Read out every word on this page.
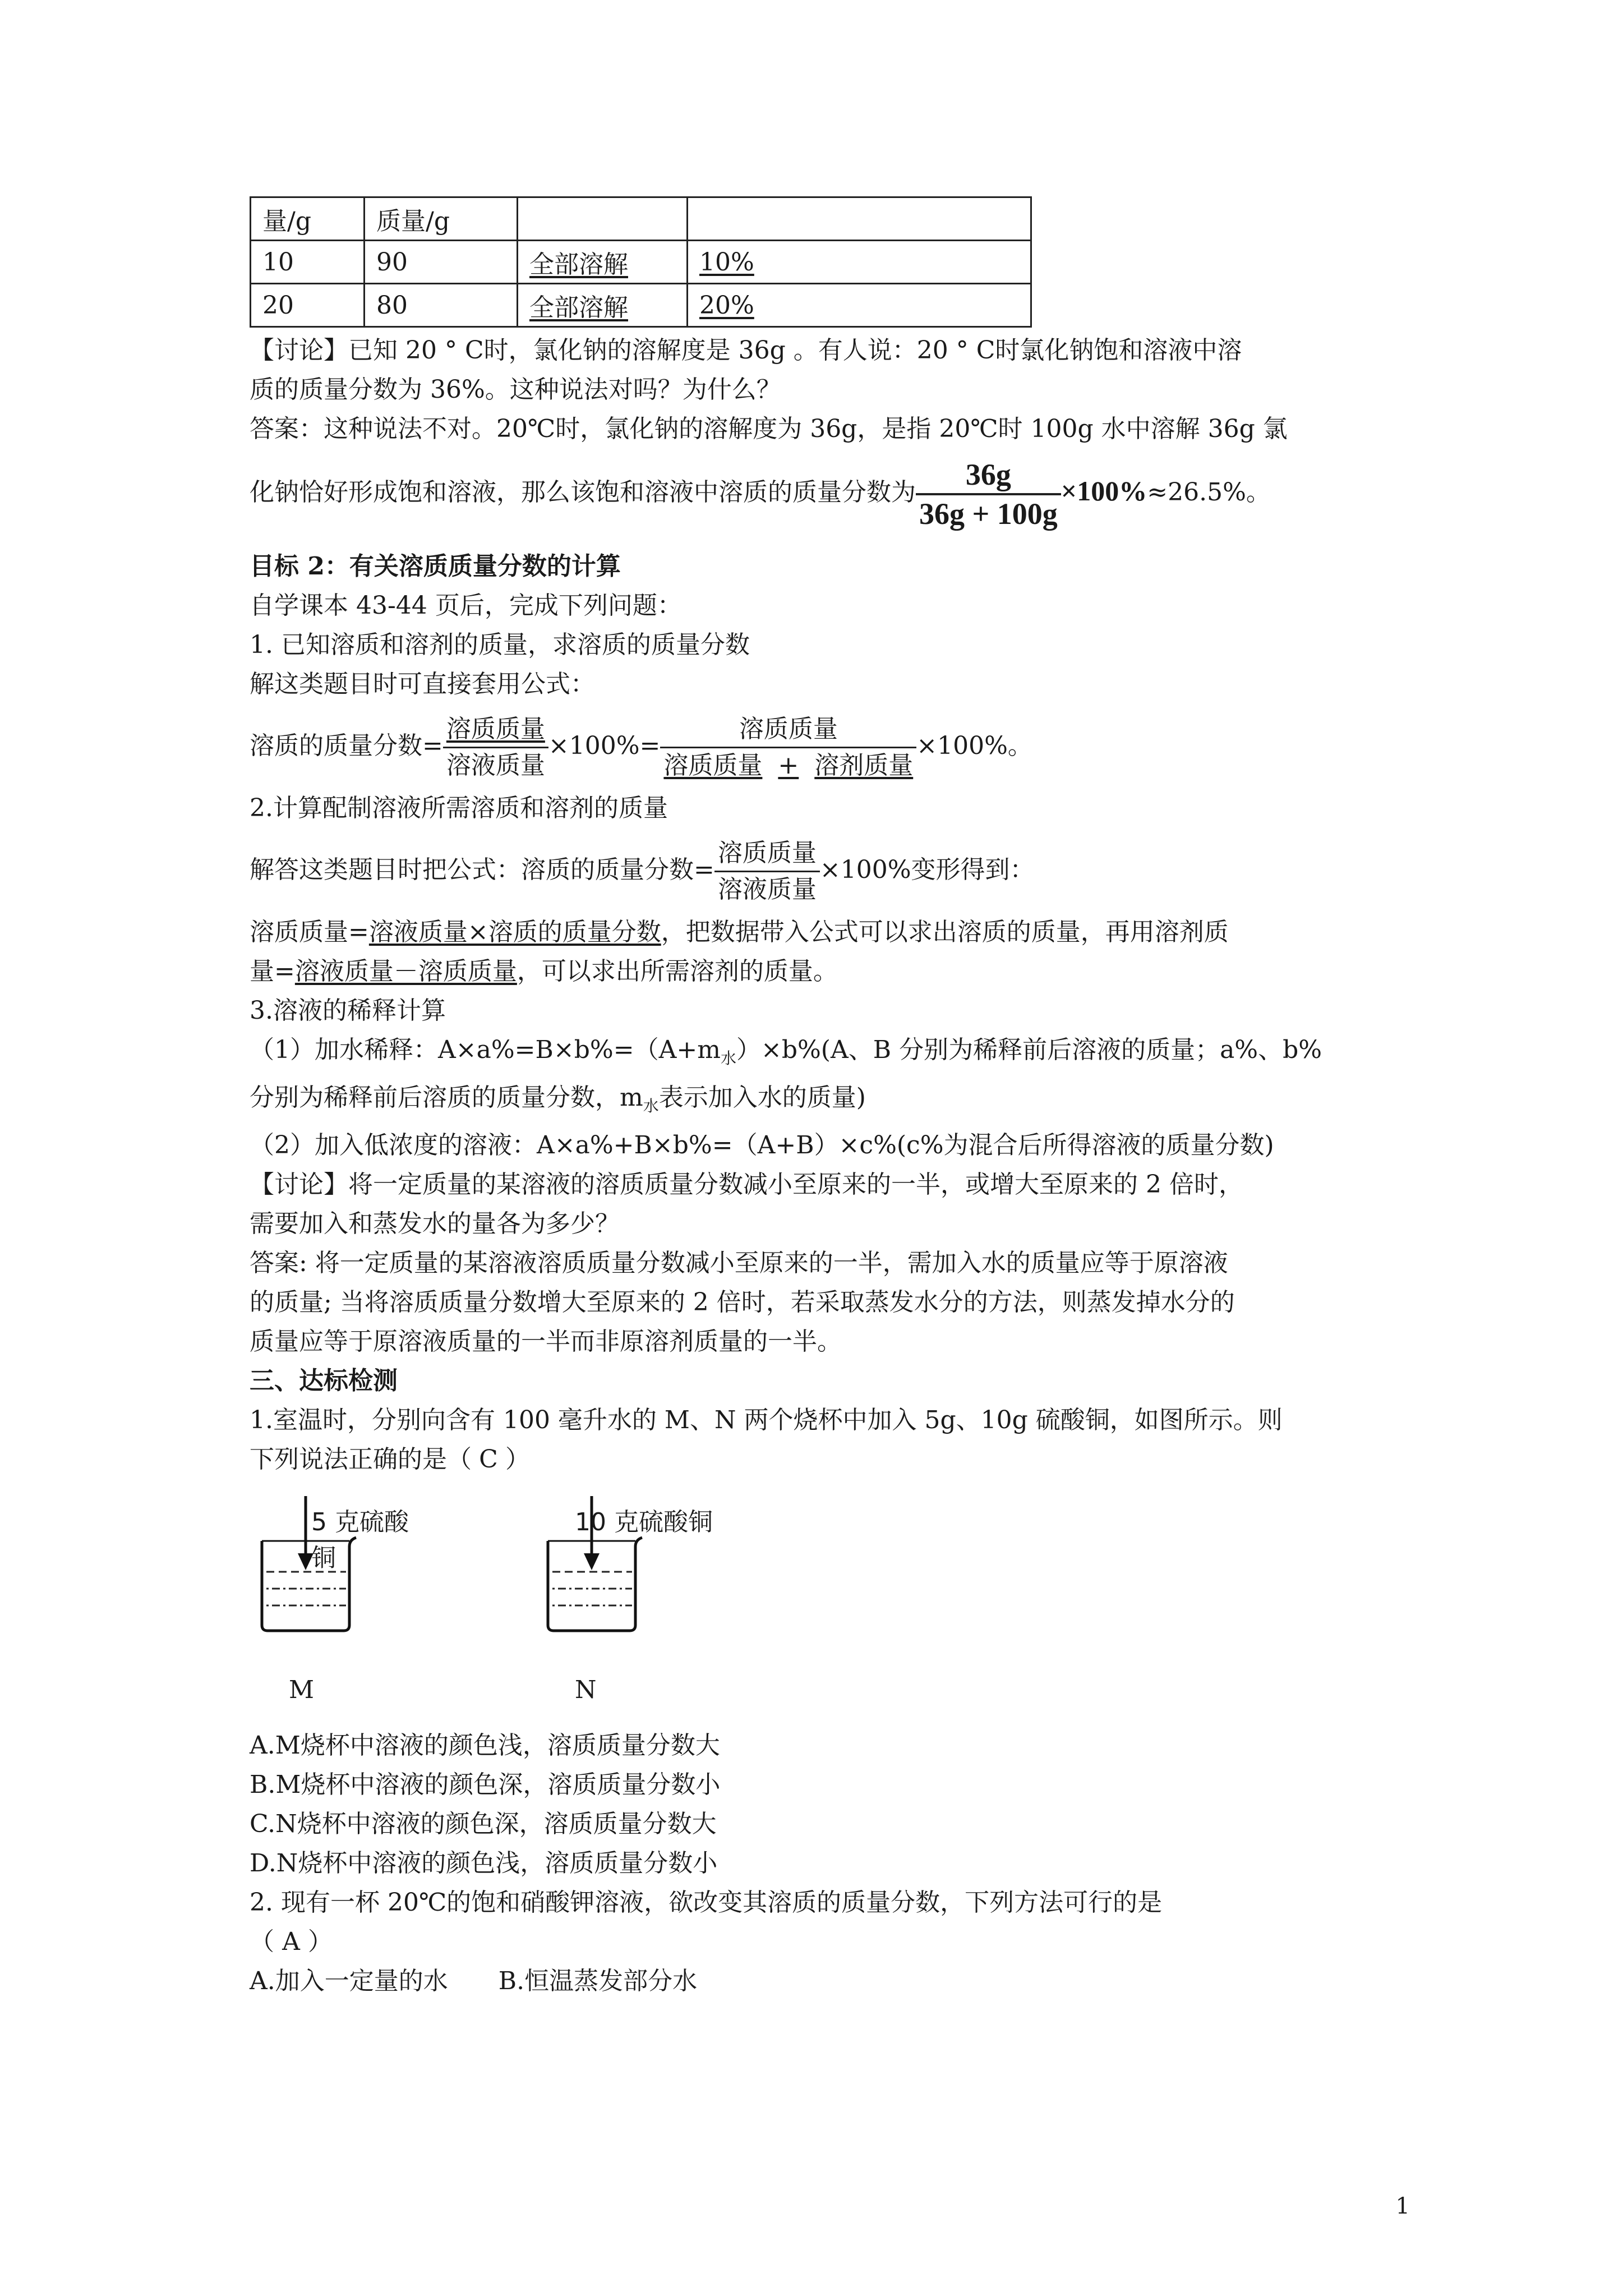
量/g	质量/g		
10	90	全部溶解	10%
20	80	全部溶解	20%

【讨论】已知 20 ° C时，氯化钠的溶解度是 36g 。有人说：20 ° C时氯化钠饱和溶液中溶

质的质量分数为 36%。这种说法对吗？为什么？

答案：这种说法不对。20℃时，氯化钠的溶解度为 36g，是指 20℃时 100g 水中溶解 36g 氯

化钠恰好形成饱和溶液，那么该饱和溶液中溶质的质量分数为 $\frac{36g}{36g + 100g} \times 100\%\approx 26.5\%$。

目标 2：有关溶质质量分数的计算

自学课本 43-44 页后，完成下列问题：

1. 已知溶质和溶剂的质量，求溶质的质量分数

解这类题目时可直接套用公式：

溶质的质量分数= $\frac{\text{溶质质量}}{\text{溶液质量}} \times 100\%= \frac{\text{溶质质量}}{\text{溶质质量 + 溶剂质量}} \times 100\%$。

2.计算配制溶液所需溶质和溶剂的质量

解答这类题目时把公式：溶质的质量分数= $\frac{\text{溶质质量}}{\text{溶液质量}} \times 100\%$变形得到：

溶质质量=溶液质量×溶质的质量分数，把数据带入公式可以求出溶质的质量，再用溶剂质

量=溶液质量－溶质质量，可以求出所需溶剂的质量。

3.溶液的稀释计算

（1）加水稀释：$A\times a\%=B\times b\%=(A+m_水)\times b\%(A$、B 分别为稀释前后溶液的质量；a%、b%

分别为稀释前后溶质的质量分数，$m_水$表示加入水的质量)

（2）加入低浓度的溶液：A×a%+B×b%=（A+B）×c%(c%为混合后所得溶液的质量分数)

【讨论】将一定质量的某溶液的溶质质量分数减小至原来的一半，或增大至原来的 2 倍时，

需要加入和蒸发水的量各为多少？

答案: 将一定质量的某溶液溶质质量分数减小至原来的一半，需加入水的质量应等于原溶液

的质量; 当将溶质质量分数增大至原来的 2 倍时，若采取蒸发水分的方法，则蒸发掉水分的

质量应等于原溶液质量的一半而非原溶剂质量的一半。

三、达标检测

1.室温时，分别向含有 100 毫升水的 M、N 两个烧杯中加入 5g、10g 硫酸铜，如图所示。则

下列说法正确的是（ C ）

5 克硫酸铜
M
10 克硫酸铜
N

A.M烧杯中溶液的颜色浅，溶质质量分数大

B.M烧杯中溶液的颜色深，溶质质量分数小

C.N烧杯中溶液的颜色深，溶质质量分数大

D.N烧杯中溶液的颜色浅，溶质质量分数小

2. 现有一杯 20℃的饱和硝酸钾溶液，欲改变其溶质的质量分数，下列方法可行的是

（ A ）

A.加入一定量的水 B.恒温蒸发部分水

1
